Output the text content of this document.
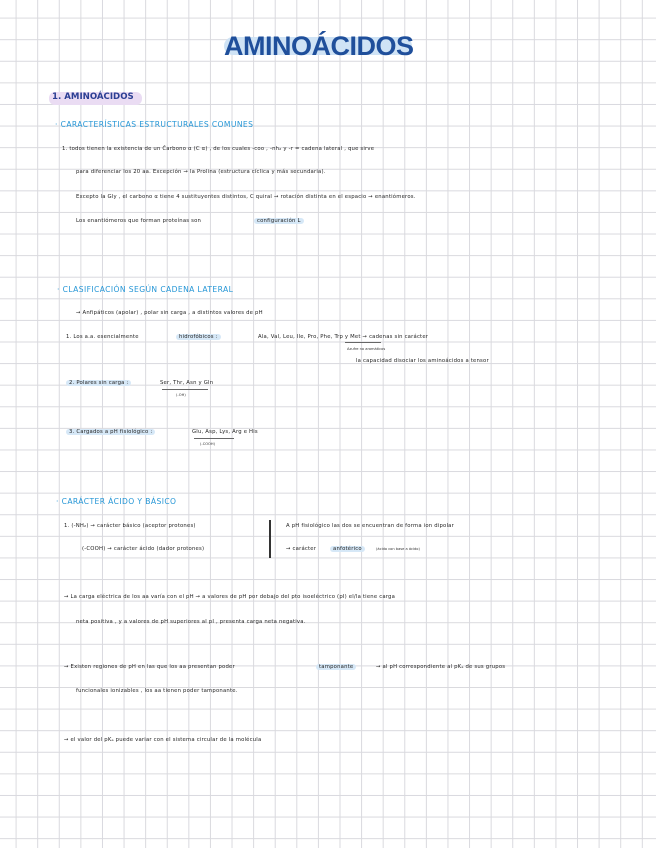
AMINOÁCIDOS
1. AMINOÁCIDOS
· CARACTERÍSTICAS ESTRUCTURALES COMUNES
1. todos tienen la existencia de un Ĉarbono α (C α) , de los cuales -coo , -nh₂ y -r = cadena lateral , que sirve
para diferenciar los 20 aa. Excepción → la Prolina (estructura cíclica y más secundaria).
Excepto la Gly , el carbono α tiene 4 sustituyentes distintos, C quiral → rotación distinta en el espacio → enantiómeros.
Los enantiómeros que forman proteínas son	configuración L
· CLASIFICACIÓN SEGÚN CADENA LATERAL
→ Anfipáticos (apolar) , polar sin carga , a distintos valores de pH
1. Los a.a. esencialmente	hidrofóbicos :	Ala, Val, Leu, Ile, Pro, Phe, Trp y Met → cadenas sin carácter
Azufre no aromáticos
la capacidad disociar los aminoácidos a tensor
2. Polares sin carga :	Ser, Thr, Asn y Gln
(-OH)
3. Cargados a pH fisiológico :	Glu, Asp, Lys, Arg e His
(-COOH)
· CARÁCTER ÁCIDO Y BÁSICO
1. (-NH₂) → carácter básico (aceptor protones)
(-COOH) → carácter ácido (dador protones)
A pH fisiológico las dos se encuentran de forma ion dipolar
→ carácter	anfotérico	(ácido con base a ácido)
→ La carga eléctrica de los aa varía con el pH → a valores de pH por debajo del pto isoeléctrico (pI) el/la tiene carga
neta positiva , y a valores de pH superiores al pI , presenta carga neta negativa.
→ Existen regiones de pH en las que los aa presentan poder	tamponante	→ al pH correspondiente al pKₐ de sus grupos
funcionales ionizables , los aa tienen poder tamponante.
→ el valor del pKₐ puede variar con el sistema circular de la molécula
